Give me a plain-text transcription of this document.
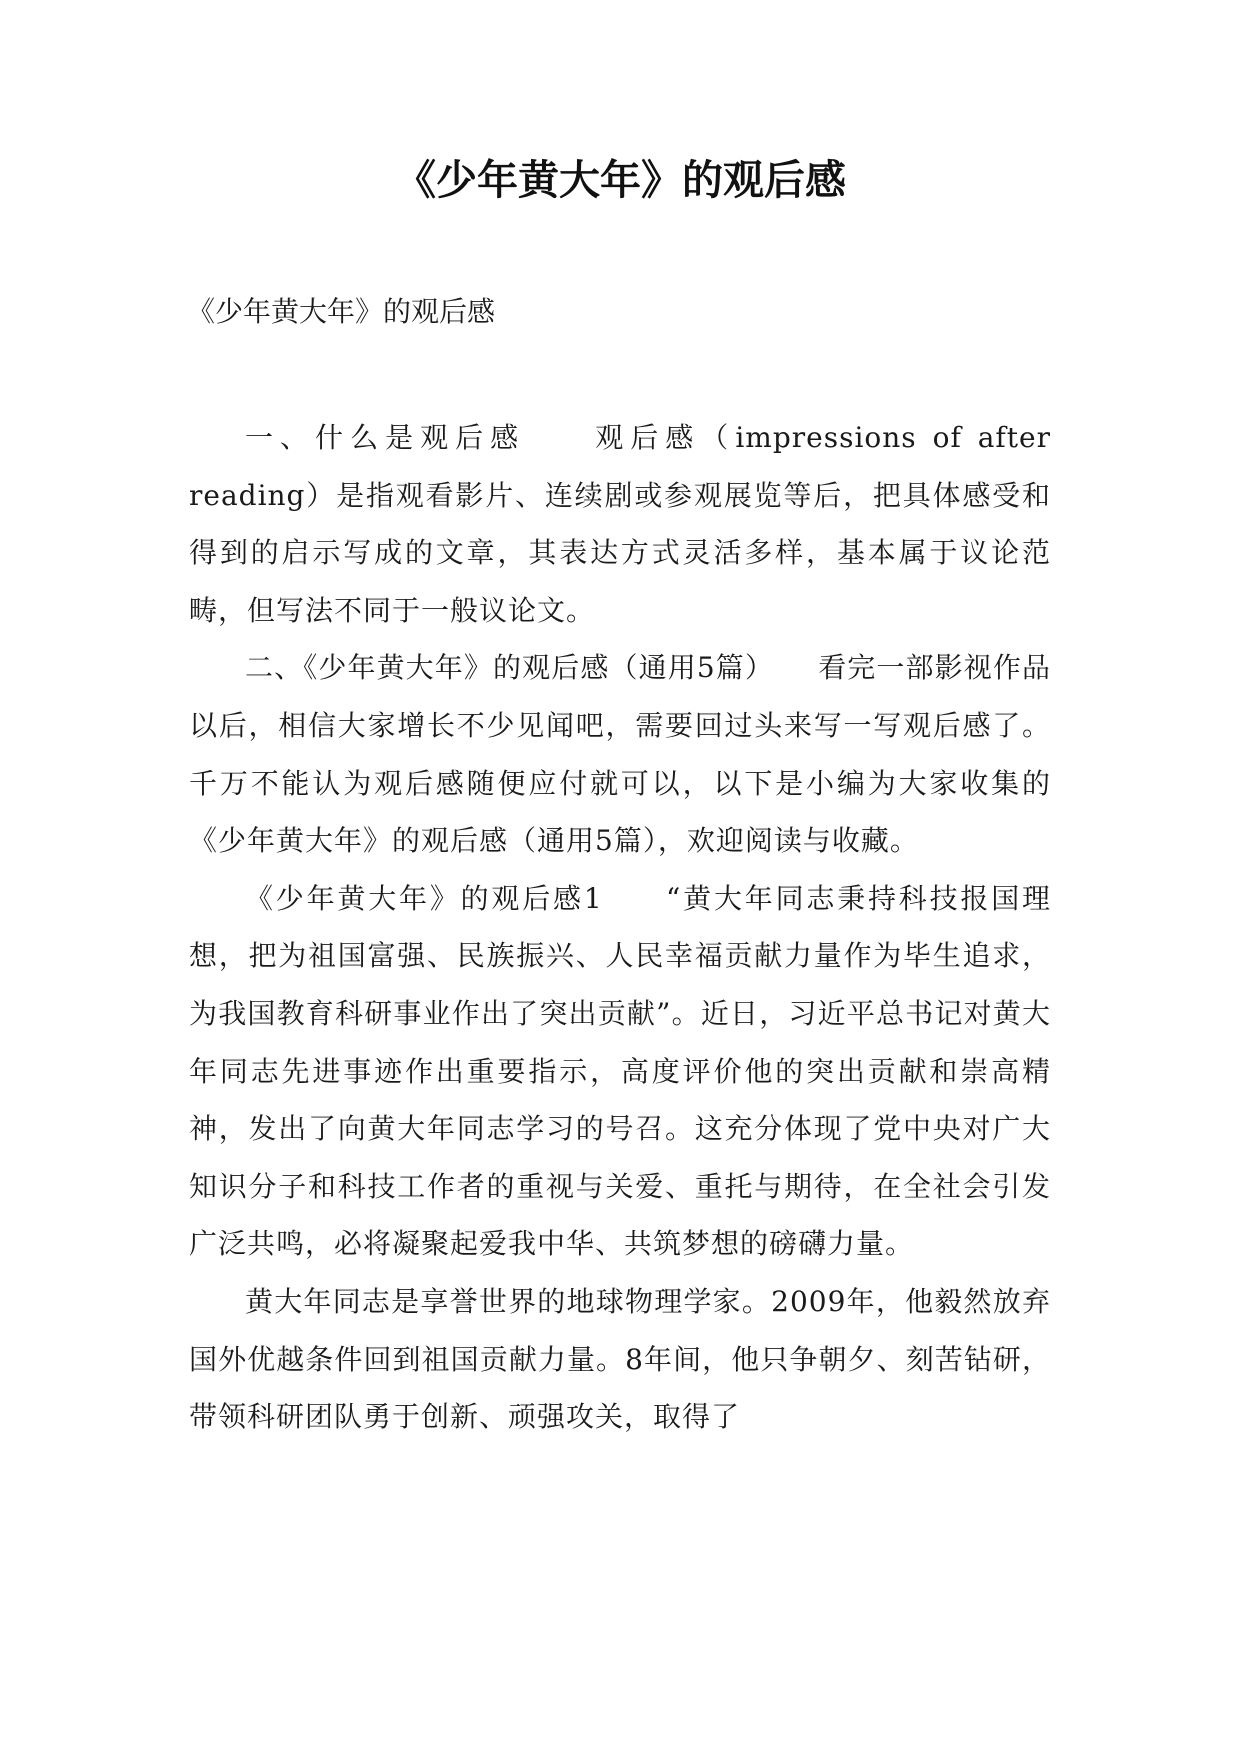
《少年黄大年》的观后感

《少年黄大年》的观后感

一、什么是观后感　　观后感（impressions of after reading）是指观看影片、连续剧或参观展览等后，把具体感受和得到的启示写成的文章，其表达方式灵活多样，基本属于议论范畴，但写法不同于一般议论文。

二、《少年黄大年》的观后感（通用5篇）　　看完一部影视作品以后，相信大家增长不少见闻吧，需要回过头来写一写观后感了。千万不能认为观后感随便应付就可以，以下是小编为大家收集的《少年黄大年》的观后感（通用5篇），欢迎阅读与收藏。

《少年黄大年》的观后感1　　“黄大年同志秉持科技报国理想，把为祖国富强、民族振兴、人民幸福贡献力量作为毕生追求，为我国教育科研事业作出了突出贡献”。近日，习近平总书记对黄大年同志先进事迹作出重要指示，高度评价他的突出贡献和崇高精神，发出了向黄大年同志学习的号召。这充分体现了党中央对广大知识分子和科技工作者的重视与关爱、重托与期待，在全社会引发广泛共鸣，必将凝聚起爱我中华、共筑梦想的磅礴力量。

黄大年同志是享誉世界的地球物理学家。2009年，他毅然放弃国外优越条件回到祖国贡献力量。8年间，他只争朝夕、刻苦钻研，带领科研团队勇于创新、顽强攻关，取得了
